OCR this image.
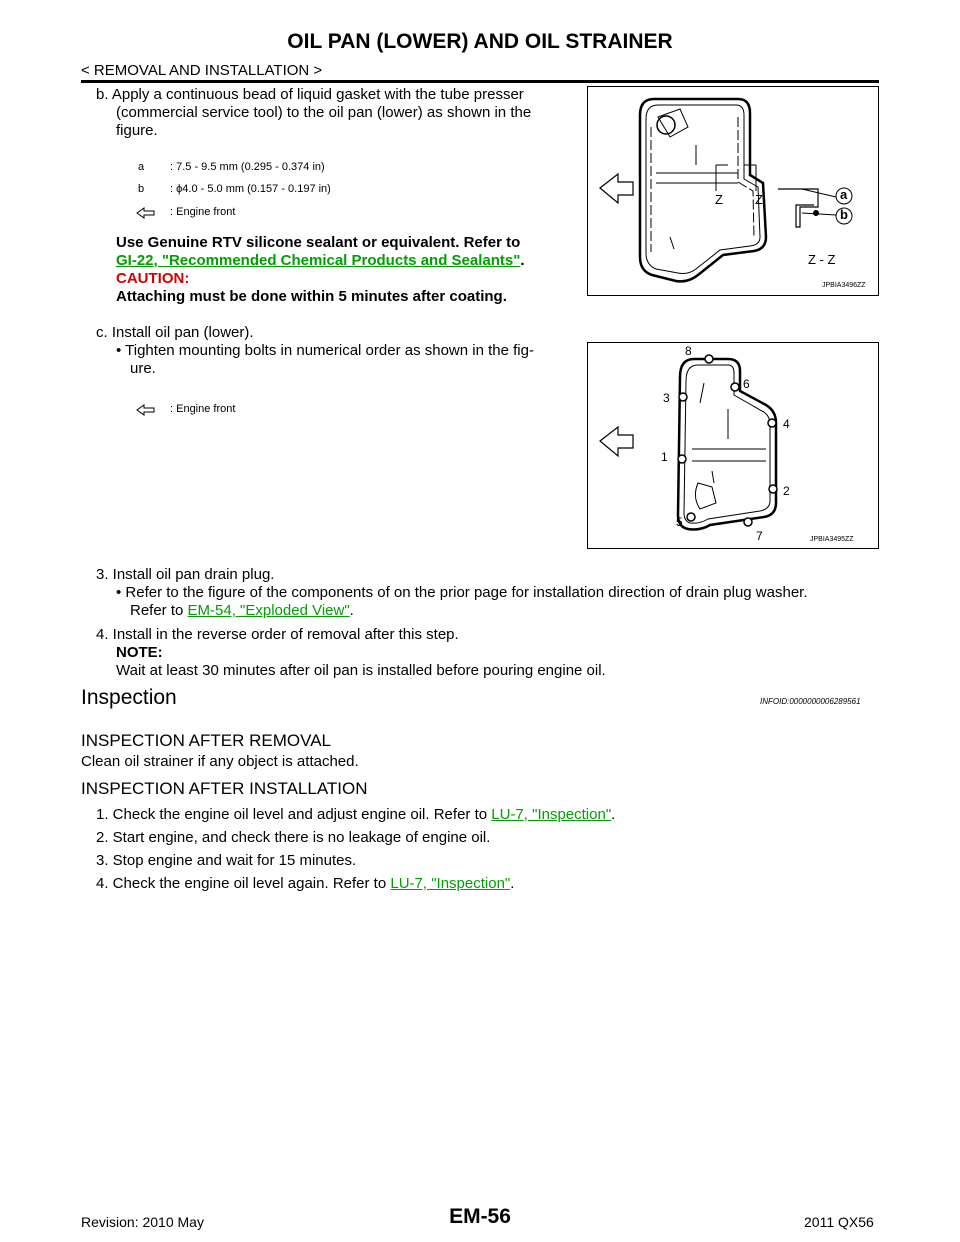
OIL PAN (LOWER) AND OIL STRAINER
< REMOVAL AND INSTALLATION >
b. Apply a continuous bead of liquid gasket with the tube presser
(commercial service tool) to the oil pan (lower) as shown in the
figure.
a : 7.5 - 9.5 mm (0.295 - 0.374 in)
b : ϕ4.0 - 5.0 mm (0.157 - 0.197 in)
: Engine front
Use Genuine RTV silicone sealant or equivalent. Refer to
GI-22, "Recommended Chemical Products and Sealants".
CAUTION:
Attaching must be done within 5 minutes after coating.
Z Z
Z - Z
a
b
JPBIA3496ZZ
c. Install oil pan (lower).
• Tighten mounting bolts in numerical order as shown in the fig-
ure.
: Engine front
1
2
3
4
5
6
7
8
JPBIA3495ZZ
3. Install oil pan drain plug.
• Refer to the figure of the components of on the prior page for installation direction of drain plug washer.
Refer to EM-54, "Exploded View".
4. Install in the reverse order of removal after this step.
NOTE:
Wait at least 30 minutes after oil pan is installed before pouring engine oil.
Inspection	INFOID:0000000006289561
INSPECTION AFTER REMOVAL
Clean oil strainer if any object is attached.
INSPECTION AFTER INSTALLATION
1. Check the engine oil level and adjust engine oil. Refer to LU-7, "Inspection".
2. Start engine, and check there is no leakage of engine oil.
3. Stop engine and wait for 15 minutes.
4. Check the engine oil level again. Refer to LU-7, "Inspection".
EM-56
Revision: 2010 May	2011 QX56
